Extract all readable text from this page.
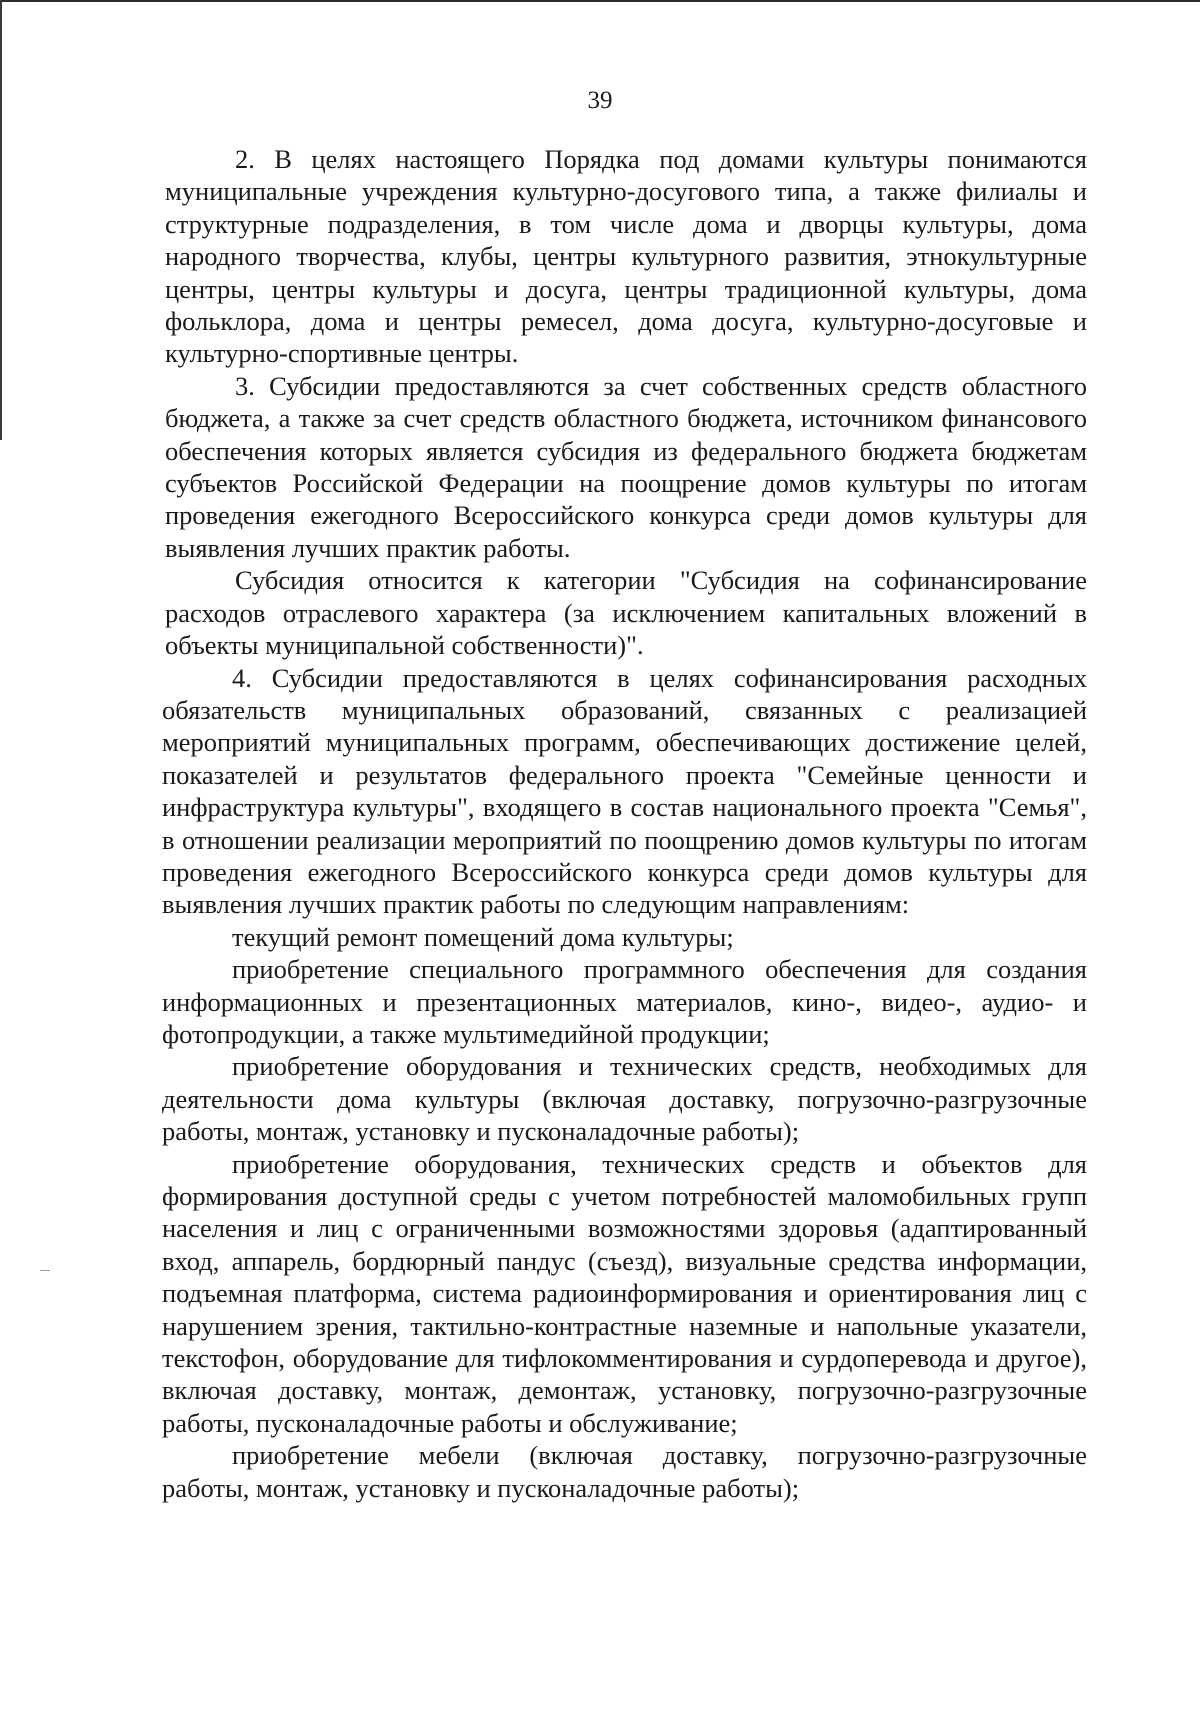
39

2. В целях настоящего Порядка под домами культуры понимаются муниципальные учреждения культурно-досугового типа, а также филиалы и структурные подразделения, в том числе дома и дворцы культуры, дома народного творчества, клубы, центры культурного развития, этнокультурные центры, центры культуры и досуга, центры традиционной культуры, дома фольклора, дома и центры ремесел, дома досуга, культурно-досуговые и культурно-спортивные центры.

3. Субсидии предоставляются за счет собственных средств областного бюджета, а также за счет средств областного бюджета, источником финансового обеспечения которых является субсидия из федерального бюджета бюджетам субъектов Российской Федерации на поощрение домов культуры по итогам проведения ежегодного Всероссийского конкурса среди домов культуры для выявления лучших практик работы.

Субсидия относится к категории "Субсидия на софинансирование расходов отраслевого характера (за исключением капитальных вложений в объекты муниципальной собственности)".

4. Субсидии предоставляются в целях софинансирования расходных обязательств муниципальных образований, связанных с реализацией мероприятий муниципальных программ, обеспечивающих достижение целей, показателей и результатов федерального проекта "Семейные ценности и инфраструктура культуры", входящего в состав национального проекта "Семья", в отношении реализации мероприятий по поощрению домов культуры по итогам проведения ежегодного Всероссийского конкурса среди домов культуры для выявления лучших практик работы по следующим направлениям:

текущий ремонт помещений дома культуры;

приобретение специального программного обеспечения для создания информационных и презентационных материалов, кино-, видео-, аудио- и фотопродукции, а также мультимедийной продукции;

приобретение оборудования и технических средств, необходимых для деятельности дома культуры (включая доставку, погрузочно-разгрузочные работы, монтаж, установку и пусконаладочные работы);

приобретение оборудования, технических средств и объектов для формирования доступной среды с учетом потребностей маломобильных групп населения и лиц с ограниченными возможностями здоровья (адаптированный вход, аппарель, бордюрный пандус (съезд), визуальные средства информации, подъемная платформа, система радиоинформирования и ориентирования лиц с нарушением зрения, тактильно-контрастные наземные и напольные указатели, текстофон, оборудование для тифлокомментирования и сурдоперевода и другое), включая доставку, монтаж, демонтаж, установку, погрузочно-разгрузочные работы, пусконаладочные работы и обслуживание;

приобретение мебели (включая доставку, погрузочно-разгрузочные работы, монтаж, установку и пусконаладочные работы);
